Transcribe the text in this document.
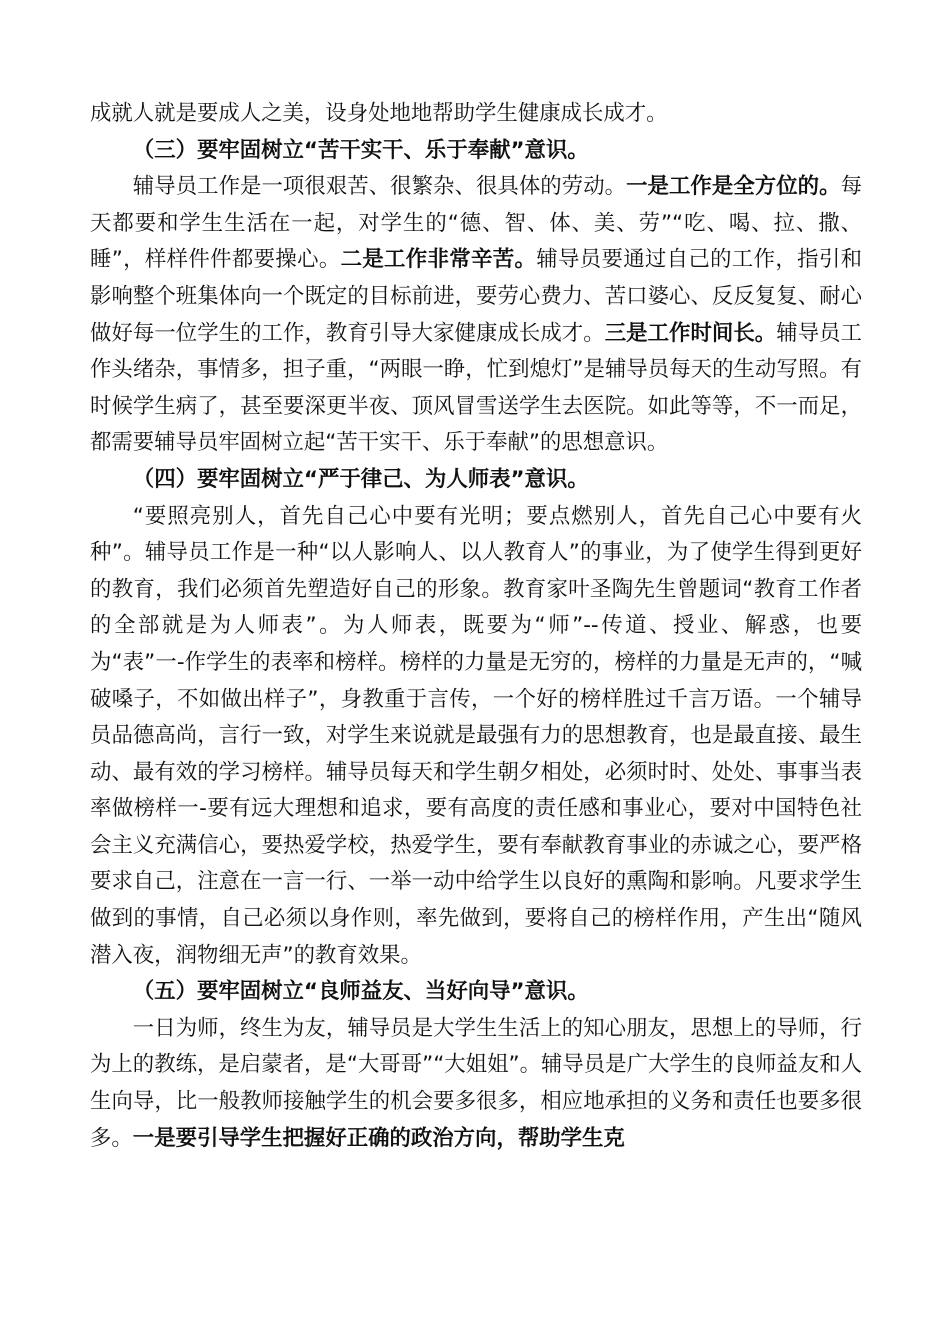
成就人就是要成人之美，设身处地地帮助学生健康成长成才。

（三）要牢固树立“苦干实干、乐于奉献”意识。

辅导员工作是一项很艰苦、很繁杂、很具体的劳动。一是工作是全方位的。每天都要和学生生活在一起，对学生的“德、智、体、美、劳”“吃、喝、拉、撒、睡”，样样件件都要操心。二是工作非常辛苦。辅导员要通过自己的工作，指引和影响整个班集体向一个既定的目标前进，要劳心费力、苦口婆心、反反复复、耐心做好每一位学生的工作，教育引导大家健康成长成才。三是工作时间长。辅导员工作头绪杂，事情多，担子重，“两眼一睁，忙到熄灯”是辅导员每天的生动写照。有时候学生病了，甚至要深更半夜、顶风冒雪送学生去医院。如此等等，不一而足，都需要辅导员牢固树立起“苦干实干、乐于奉献”的思想意识。

（四）要牢固树立“严于律己、为人师表”意识。

“要照亮别人，首先自己心中要有光明；要点燃别人，首先自己心中要有火种”。辅导员工作是一种“以人影响人、以人教育人”的事业，为了使学生得到更好的教育，我们必须首先塑造好自己的形象。教育家叶圣陶先生曾题词“教育工作者的全部就是为人师表”。为人师表，既要为“师”--传道、授业、解惑，也要为“表”一-作学生的表率和榜样。榜样的力量是无穷的，榜样的力量是无声的，“喊破嗓子，不如做出样子”，身教重于言传，一个好的榜样胜过千言万语。一个辅导员品德高尚，言行一致，对学生来说就是最强有力的思想教育，也是最直接、最生动、最有效的学习榜样。辅导员每天和学生朝夕相处，必须时时、处处、事事当表率做榜样一-要有远大理想和追求，要有高度的责任感和事业心，要对中国特色社会主义充满信心，要热爱学校，热爱学生，要有奉献教育事业的赤诚之心，要严格要求自己，注意在一言一行、一举一动中给学生以良好的熏陶和影响。凡要求学生做到的事情，自己必须以身作则，率先做到，要将自己的榜样作用，产生出“随风潜入夜，润物细无声”的教育效果。

（五）要牢固树立“良师益友、当好向导”意识。

一日为师，终生为友，辅导员是大学生生活上的知心朋友，思想上的导师，行为上的教练，是启蒙者，是“大哥哥”“大姐姐”。辅导员是广大学生的良师益友和人生向导，比一般教师接触学生的机会要多很多，相应地承担的义务和责任也要多很多。一是要引导学生把握好正确的政治方向，帮助学生克
